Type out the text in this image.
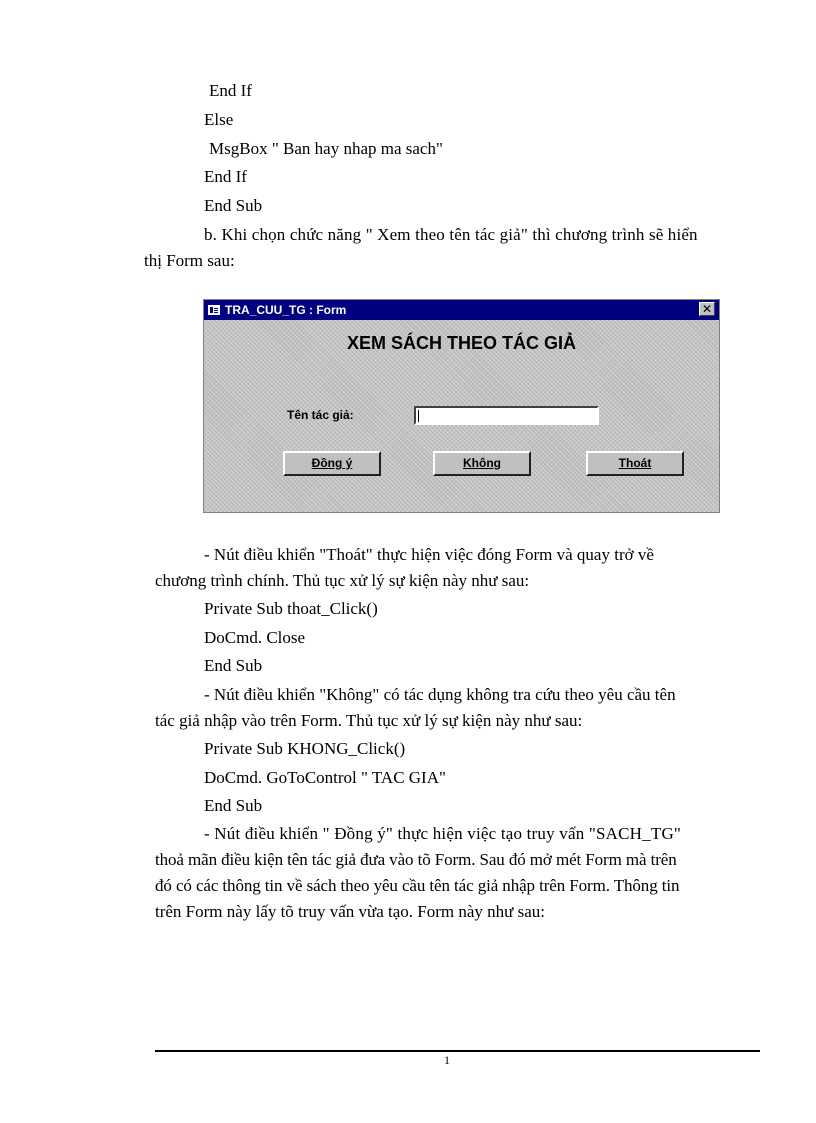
End If
Else
MsgBox " Ban hay nhap ma sach"
End If
End Sub
b. Khi chọn chức năng " Xem theo tên tác giả" thì chương trình sẽ hiển
thị Form sau:
TRA_CUU_TG : Form	✕
XEM SÁCH THEO TÁC GIẢ
Tên tác giả:
Đồng ý	Không	Thoát
- Nút điều khiển "Thoát" thực hiện việc đóng Form và quay trở về
chương trình chính. Thủ tục xử lý sự kiện này như sau:
Private Sub thoat_Click()
DoCmd. Close
End Sub
- Nút điều khiển "Không" có tác dụng không tra cứu theo yêu cầu tên
tác giả nhập vào trên Form. Thủ tục xử lý sự kiện này như sau:
Private Sub KHONG_Click()
DoCmd. GoToControl " TAC GIA"
End Sub
- Nút điều khiển " Đồng ý" thực hiện việc tạo truy vấn "SACH_TG"
thoả mãn điều kiện tên tác giả đưa vào tõ Form. Sau đó mở mét Form mà trên
đó có các thông tin về sách theo yêu cầu tên tác giả nhập trên Form. Thông tin
trên Form này lấy tõ truy vấn vừa tạo. Form này như sau:
1
